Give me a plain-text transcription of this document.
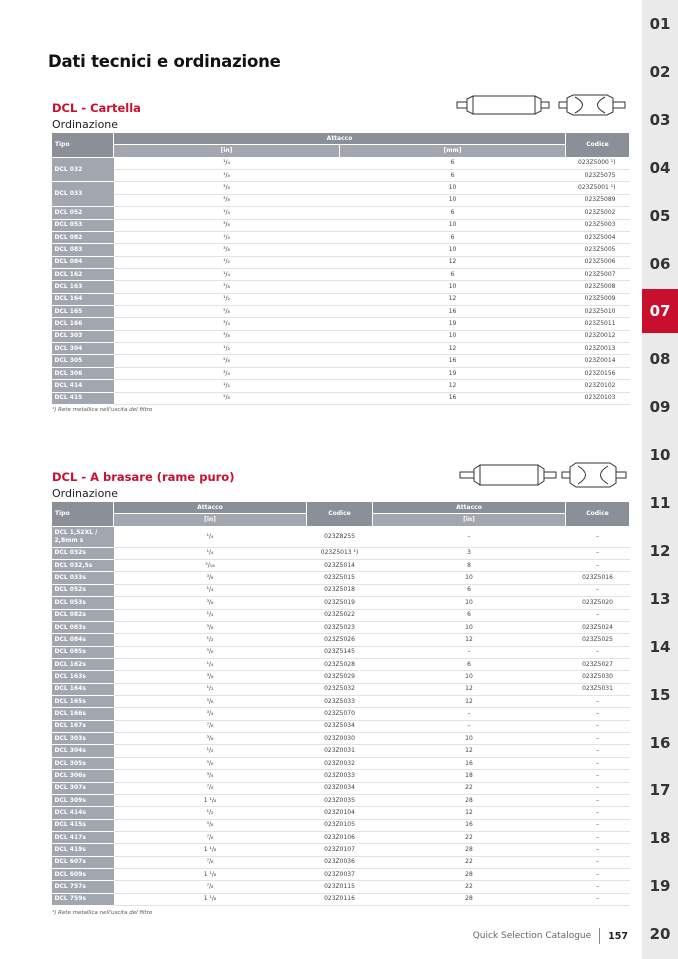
Dati tecnici e ordinazione
DCL - Cartella
Ordinazione
Tipo	Attacco		Codice
	[in]	[mm]	
DCL 032	¹/₄	6	023Z5000 ¹)
	¹/₄	6	023Z5075
DCL 033	³/₈	10	023Z5001 ¹)
	³/₈	10	023Z5089
DCL 052	¹/₄	6	023Z5002
DCL 053	³/₈	10	023Z5003
DCL 082	¹/₄	6	023Z5004
DCL 083	³/₈	10	023Z5005
DCL 084	¹/₂	12	023Z5006
DCL 162	¹/₄	6	023Z5007
DCL 163	³/₈	10	023Z5008
DCL 164	¹/₂	12	023Z5009
DCL 165	⁵/₈	16	023Z5010
DCL 166	³/₄	19	023Z5011
DCL 303	³/₈	10	023Z0012
DCL 304	¹/₂	12	023Z0013
DCL 305	⁵/₈	16	023Z0014
DCL 306	³/₄	19	023Z0156
DCL 414	¹/₂	12	023Z0102
DCL 415	⁵/₈	16	023Z0103
¹) Rete metallica nell'uscita del filtro
DCL - A brasare (rame puro)
Ordinazione
Tipo	Attacco	Codice	Attacco	Codice
	[in]		[in]	
DCL 1,52XL / 2,8mm s	¹/₄	023Z8255	–	–
DCL 032s	¹/₄	023Z5013 ¹)	3	–
DCL 032,5s	⁵/₁₆	023Z5014	8	–
DCL 033s	³/₈	023Z5015	10	023Z5016
DCL 052s	¹/₄	023Z5018	6	–
DCL 053s	³/₈	023Z5019	10	023Z5020
DCL 082s	¹/₄	023Z5022	6	–
DCL 083s	³/₈	023Z5023	10	023Z5024
DCL 084s	¹/₂	023Z5026	12	023Z5025
DCL 085s	⁵/₈	023Z5145	–	–
DCL 162s	¹/₄	023Z5028	6	023Z5027
DCL 163s	³/₈	023Z5029	10	023Z5030
DCL 164s	¹/₂	023Z5032	12	023Z5031
DCL 165s	⁵/₈	023Z5033	12	–
DCL 166s	³/₄	023Z5070	–	–
DCL 167s	⁷/₈	023Z5034	–	–
DCL 303s	³/₈	023Z0030	10	–
DCL 304s	¹/₂	023Z0031	12	–
DCL 305s	⁵/₈	023Z0032	16	–
DCL 306s	³/₄	023Z0033	18	–
DCL 307s	⁷/₈	023Z0034	22	–
DCL 309s	1 ¹/₈	023Z0035	28	–
DCL 414s	¹/₂	023Z0104	12	–
DCL 415s	⁵/₈	023Z0105	16	–
DCL 417s	⁷/₈	023Z0106	22	–
DCL 419s	1 ¹/₈	023Z0107	28	–
DCL 607s	⁷/₈	023Z0036	22	–
DCL 609s	1 ¹/₈	023Z0037	28	–
DCL 757s	⁷/₈	023Z0115	22	–
DCL 759s	1 ¹/₈	023Z0116	28	–
¹) Rete metallica nell'uscita del filtro
01
02
03
04
05
06
07
08
09
10
11
12
13
14
15
16
17
18
19
20
Quick Selection Catalogue 157
